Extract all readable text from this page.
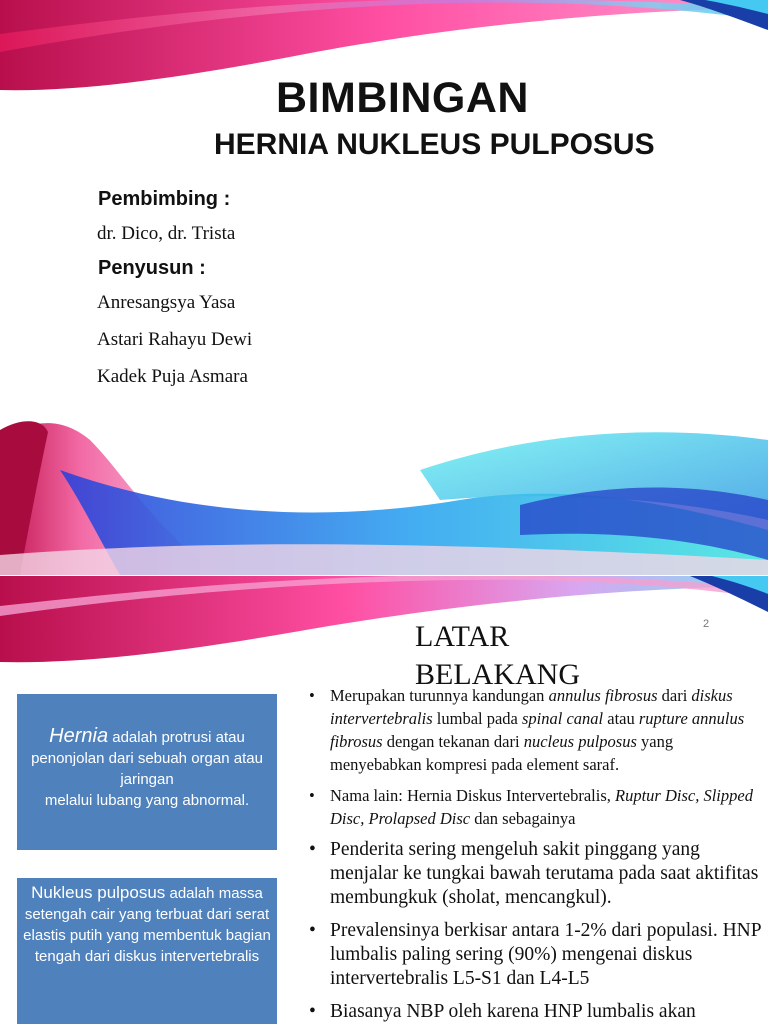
BIMBINGAN
HERNIA NUKLEUS PULPOSUS
Pembimbing :
dr. Dico, dr. Trista
Penyusun :
Anresangsya Yasa
Astari Rahayu Dewi
Kadek Puja Asmara
2
LATAR
BELAKANG
Hernia adalah protrusi atau penonjolan dari sebuah organ atau jaringan
melalui lubang yang abnormal.
Nukleus pulposus adalah massa setengah cair yang terbuat dari serat elastis putih yang membentuk bagian tengah dari diskus intervertebralis
• Merupakan turunnya kandungan annulus fibrosus dari diskus intervertebralis lumbal pada spinal canal atau rupture annulus fibrosus dengan tekanan dari nucleus pulposus yang menyebabkan kompresi pada element saraf.
• Nama lain: Hernia Diskus Intervertebralis, Ruptur Disc, Slipped Disc, Prolapsed Disc dan sebagainya
• Penderita sering mengeluh sakit pinggang yang menjalar ke tungkai bawah terutama pada saat aktifitas membungkuk (sholat, mencangkul).
• Prevalensinya berkisar antara 1-2% dari populasi. HNP lumbalis paling sering (90%) mengenai diskus intervertebralis L5-S1 dan L4-L5
• Biasanya NBP oleh karena HNP lumbalis akan
